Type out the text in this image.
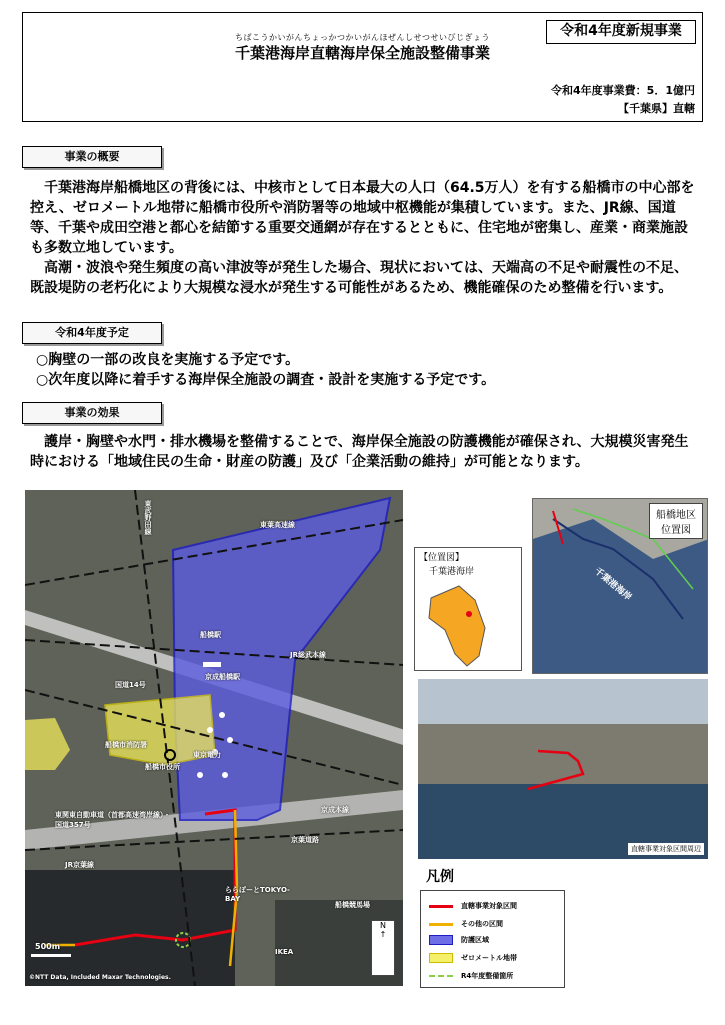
令和4年度新規事業
ちばこうかいがんちょっかつかいがんほぜんしせつせいびじぎょう
千葉港海岸直轄海岸保全施設整備事業
令和4年度事業費：5．1億円
【千葉県】直轄
事業の概要

千葉港海岸船橋地区の背後には、中核市として日本最大の人口（64.5万人）を有する船橋市の中心部を控え、ゼロメートル地帯に船橋市役所や消防署等の地域中枢機能が集積しています。また、JR線、国道等、千葉や成田空港と都心を結節する重要交通網が存在するとともに、住宅地が密集し、産業・商業施設も多数立地しています。

高潮・波浪や発生頻度の高い津波等が発生した場合、現状においては、天端高の不足や耐震性の不足、既設堤防の老朽化により大規模な浸水が発生する可能性があるため、機能確保のため整備を行います。

令和4年度予定
○胸壁の一部の改良を実施する予定です。
○次年度以降に着手する海岸保全施設の調査・設計を実施する予定です。
事業の効果

護岸・胸壁や水門・排水機場を整備することで、海岸保全施設の防護機能が確保され、大規模災害発生時における「地域住民の生命・財産の防護」及び「企業活動の維持」が可能となります。

東武野田線	東葉高速線
船橋駅
JR総武本線
京成船橋駅
国道14号
船橋市消防署
船橋市役所
東京電力
京成本線
京葉道路
東関東自動車道（首都高速湾岸線）・国道357号
JR京葉線
ららぽーとTOKYO-BAY
船橋競馬場
IKEA
500m
©NTT Data, Included Maxar Technologies.
N
↑
船橋地区
位置図
千葉港海岸
【位置図】
千葉港海岸
直轄事業対象区間周辺
凡例
直轄事業対象区間
その他の区間
防護区域
ゼロメートル地帯
R4年度整備箇所
